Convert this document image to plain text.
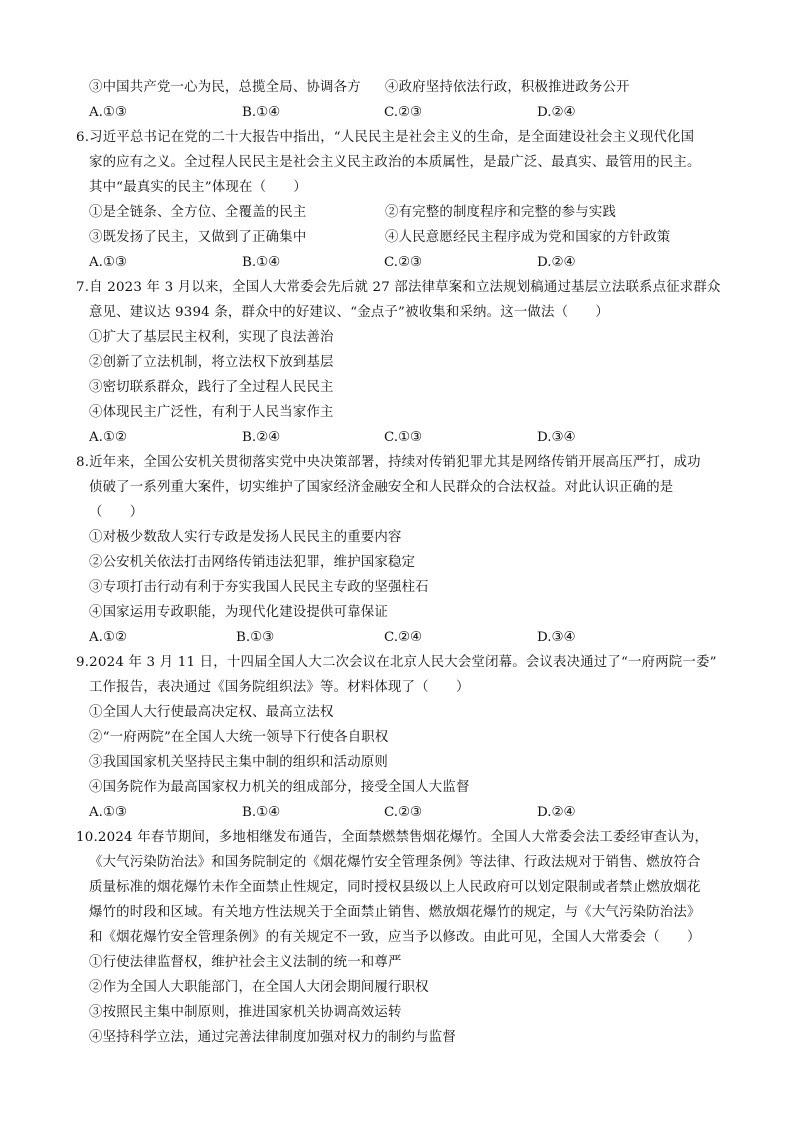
③中国共产党一心为民，总揽全局、协调各方 ④政府坚持依法行政，积极推进政务公开
A.①③	B.①④	C.②③	D.②④
6.习近平总书记在党的二十大报告中指出，“人民民主是社会主义的生命，是全面建设社会主义现代化国
家的应有之义。全过程人民民主是社会主义民主政治的本质属性，是最广泛、最真实、最管用的民主。
其中“最真实的民主”体现在（　　）
①是全链条、全方位、全覆盖的民主	②有完整的制度程序和完整的参与实践
③既发扬了民主，又做到了正确集中	④人民意愿经民主程序成为党和国家的方针政策
A.①③	B.①④	C.②③	D.②④
7.自 2023 年 3 月以来，全国人大常委会先后就 27 部法律草案和立法规划稿通过基层立法联系点征求群众
意见、建议达 9394 条，群众中的好建议、“金点子”被收集和采纳。这一做法（　　）
①扩大了基层民主权利，实现了良法善治
②创新了立法机制，将立法权下放到基层
③密切联系群众，践行了全过程人民民主
④体现民主广泛性，有利于人民当家作主
A.①②	B.②④	C.①③	D.③④
8.近年来，全国公安机关贯彻落实党中央决策部署，持续对传销犯罪尤其是网络传销开展高压严打，成功
侦破了一系列重大案件，切实维护了国家经济金融安全和人民群众的合法权益。对此认识正确的是
（　　）
①对极少数敌人实行专政是发扬人民民主的重要内容
②公安机关依法打击网络传销违法犯罪，维护国家稳定
③专项打击行动有利于夯实我国人民民主专政的坚强柱石
④国家运用专政职能，为现代化建设提供可靠保证
A.①②	B.①③	C.②④	D.③④
9.2024 年 3 月 11 日，十四届全国人大二次会议在北京人民大会堂闭幕。会议表决通过了“一府两院一委”
工作报告，表决通过《国务院组织法》等。材料体现了（　　）
①全国人大行使最高决定权、最高立法权
②“一府两院”在全国人大统一领导下行使各自职权
③我国国家机关坚持民主集中制的组织和活动原则
④国务院作为最高国家权力机关的组成部分，接受全国人大监督
A.①③	B.①④	C.②③	D.②④
10.2024 年春节期间，多地相继发布通告，全面禁燃禁售烟花爆竹。全国人大常委会法工委经审查认为，
《大气污染防治法》和国务院制定的《烟花爆竹安全管理条例》等法律、行政法规对于销售、燃放符合
质量标准的烟花爆竹未作全面禁止性规定，同时授权县级以上人民政府可以划定限制或者禁止燃放烟花
爆竹的时段和区域。有关地方性法规关于全面禁止销售、燃放烟花爆竹的规定，与《大气污染防治法》
和《烟花爆竹安全管理条例》的有关规定不一致，应当予以修改。由此可见，全国人大常委会（　　）
①行使法律监督权，维护社会主义法制的统一和尊严
②作为全国人大职能部门，在全国人大闭会期间履行职权
③按照民主集中制原则，推进国家机关协调高效运转
④坚持科学立法，通过完善法律制度加强对权力的制约与监督
